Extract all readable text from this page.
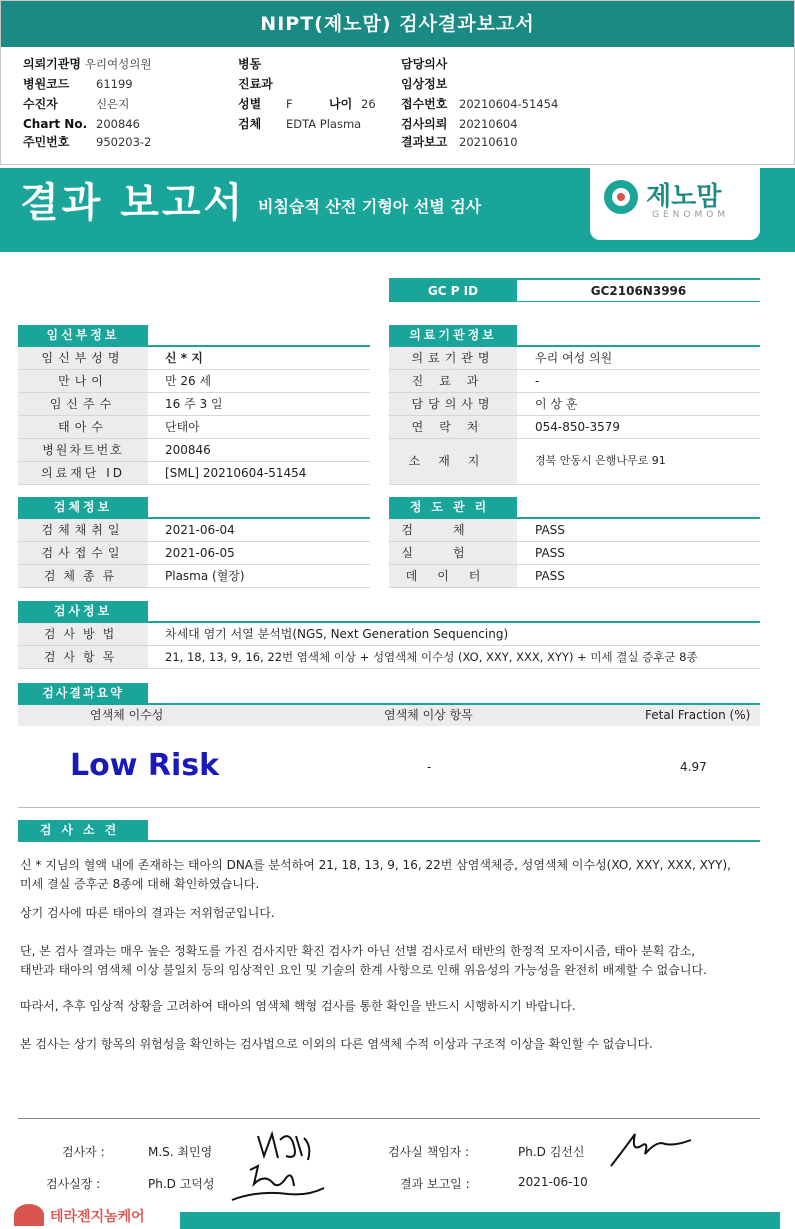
NIPT(제노맘) 검사결과보고서
의뢰기관명 우리여성의원
병원코드 61199
수진자	신은지
Chart No. 200846
주민번호 950203-2
병동
진료과
성별 F	나이 26
검체 EDTA Plasma
담당의사
임상정보
접수번호 20210604-51454
검사의뢰 20210604
결과보고 20210610
결과 보고서 비침습적 산전 기형아 선별 검사	제노맘
GENOMOM
GC P ID	GC2106N3996
임신부정보	의료기관정보
임신부성명	신 * 지
만나이	만 26 세
임신주수	16 주 3 일
태아수	단태아
병원차트번호	200846
의료재단 ID	[SML] 20210604-51454
의료기관명	우리 여성 의원
진료과	-
담당의사명	이 상 훈
연락처	054-850-3579
소재지	경북 안동시 은행나무로 91
검체정보	정도관리
검체채취일	2021-06-04
검사접수일	2021-06-05
검체종류	Plasma (혈장)
검체	PASS
실험	PASS
데이터	PASS
검사정보
검사방법	차세대 염기 서열 분석법(NGS, Next Generation Sequencing)
검사항목	21, 18, 13, 9, 16, 22번 염색체 이상 + 성염색체 이수성 (XO, XXY, XXX, XYY) + 미세 결실 증후군 8종
검사결과요약
염색체 이수성	염색체 이상 항목	Fetal Fraction (%)
Low Risk	-	4.97
검사소견
신 * 지님의 혈액 내에 존재하는 태아의 DNA를 분석하여 21, 18, 13, 9, 16, 22번 삼염색체증, 성염색체 이수성(XO, XXY, XXX, XYY),
미세 결실 증후군 8종에 대해 확인하였습니다.
상기 검사에 따른 태아의 결과는 저위험군입니다.
단, 본 검사 결과는 매우 높은 정확도를 가진 검사지만 확진 검사가 아닌 선별 검사로서 태반의 한정적 모자이시즘, 태아 분획 감소,
태반과 태아의 염색체 이상 불일치 등의 임상적인 요인 및 기술의 한계 사항으로 인해 위음성의 가능성을 완전히 배제할 수 없습니다.
따라서, 추후 임상적 상황을 고려하여 태아의 염색체 핵형 검사를 통한 확인을 반드시 시행하시기 바랍니다.
본 검사는 상기 항목의 위험성을 확인하는 검사법으로 이외의 다른 염색체 수적 이상과 구조적 이상을 확인할 수 없습니다.
검사자 :	M.S. 최민영	검사실 책임자 :	Ph.D 김선신
검사실장 :	Ph.D 고덕성	결과 보고일 :	2021-06-10
테라젠지놈케어
